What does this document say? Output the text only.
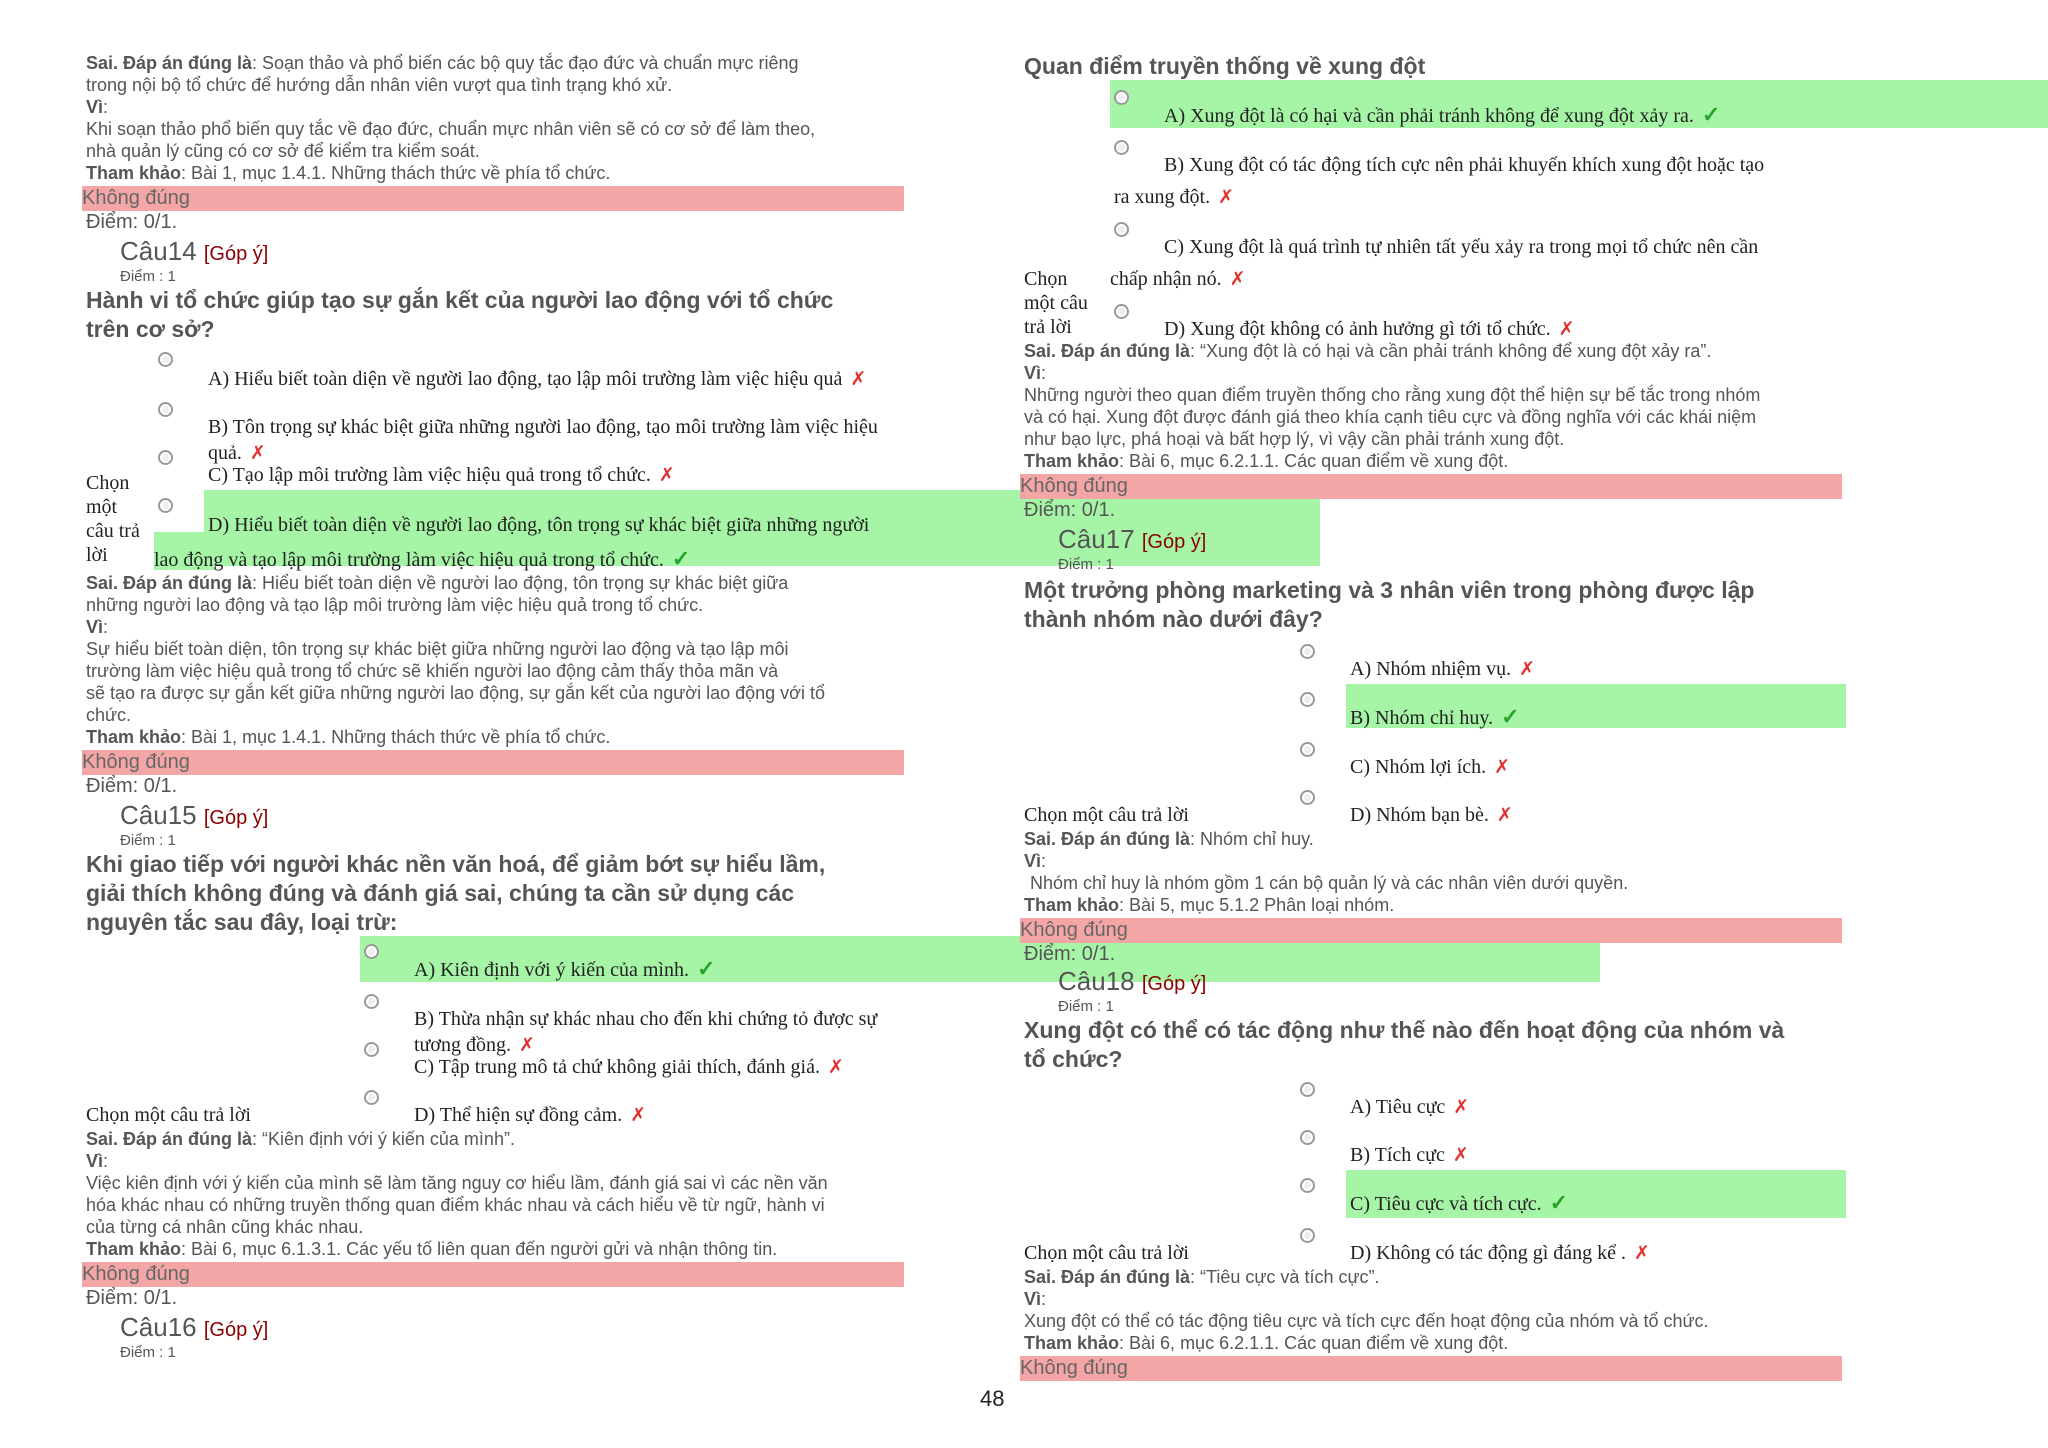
Sai. Đáp án đúng là: Soạn thảo và phổ biến các bộ quy tắc đạo đức và chuẩn mực riêng
trong nội bộ tổ chức để hướng dẫn nhân viên vượt qua tình trạng khó xử.
Vì:
Khi soạn thảo phổ biến quy tắc về đạo đức, chuẩn mực nhân viên sẽ có cơ sở để làm theo,
nhà quản lý cũng có cơ sở để kiểm tra kiểm soát.
Tham khảo: Bài 1, mục 1.4.1. Những thách thức về phía tổ chức.
Không đúng
Điểm: 0/1.
Câu14 [Góp ý]
Điểm : 1
Hành vi tổ chức giúp tạo sự gắn kết của người lao động với tổ chức
trên cơ sở?
Chọn
một
câu trả
lời
A) Hiểu biết toàn diện về người lao động, tạo lập môi trường làm việc hiệu quả ✗
B) Tôn trọng sự khác biệt giữa những người lao động, tạo môi trường làm việc hiệu quả. ✗
C) Tạo lập môi trường làm việc hiệu quả trong tổ chức. ✗
D) Hiểu biết toàn diện về người lao động, tôn trọng sự khác biệt giữa những người
lao động và tạo lập môi trường làm việc hiệu quả trong tổ chức. ✓
Sai. Đáp án đúng là: Hiểu biết toàn diện về người lao động, tôn trọng sự khác biệt giữa
những người lao động và tạo lập môi trường làm việc hiệu quả trong tổ chức.
Vì:
Sự hiểu biết toàn diện, tôn trọng sự khác biệt giữa những người lao động và tạo lập môi
trường làm việc hiệu quả trong tổ chức sẽ khiến người lao động cảm thấy thỏa mãn và
sẽ tạo ra được sự gắn kết giữa những người lao động, sự gắn kết của người lao động với tổ
chức.
Tham khảo: Bài 1, mục 1.4.1. Những thách thức về phía tổ chức.
Không đúng
Điểm: 0/1.
Câu15 [Góp ý]
Điểm : 1
Khi giao tiếp với người khác nền văn hoá, để giảm bớt sự hiểu lầm,
giải thích không đúng và đánh giá sai, chúng ta cần sử dụng các
nguyên tắc sau đây, loại trừ:
A) Kiên định với ý kiến của mình. ✓
B) Thừa nhận sự khác nhau cho đến khi chứng tỏ được sự tương đồng. ✗
C) Tập trung mô tả chứ không giải thích, đánh giá. ✗
Chọn một câu trả lời	D) Thể hiện sự đồng cảm. ✗
Sai. Đáp án đúng là: “Kiên định với ý kiến của mình”.
Vì:
Việc kiên định với ý kiến của mình sẽ làm tăng nguy cơ hiểu lầm, đánh giá sai vì các nền văn
hóa khác nhau có những truyền thống quan điểm khác nhau và cách hiểu về từ ngữ, hành vi
của từng cá nhân cũng khác nhau.
Tham khảo: Bài 6, mục 6.1.3.1. Các yếu tố liên quan đến người gửi và nhận thông tin.
Không đúng
Điểm: 0/1.
Câu16 [Góp ý]
Điểm : 1
Quan điểm truyền thống về xung đột
A) Xung đột là có hại và cần phải tránh không để xung đột xảy ra. ✓
B) Xung đột có tác động tích cực nên phải khuyến khích xung đột hoặc tạo
ra xung đột. ✗
C) Xung đột là quá trình tự nhiên tất yếu xảy ra trong mọi tổ chức nên cần
chấp nhận nó. ✗
Chọn
một câu
trả lời	D) Xung đột không có ảnh hưởng gì tới tổ chức. ✗
Sai. Đáp án đúng là: “Xung đột là có hại và cần phải tránh không để xung đột xảy ra”.
Vì:
Những người theo quan điểm truyền thống cho rằng xung đột thể hiện sự bế tắc trong nhóm
và có hại. Xung đột được đánh giá theo khía cạnh tiêu cực và đồng nghĩa với các khái niệm
như bạo lực, phá hoại và bất hợp lý, vì vậy cần phải tránh xung đột.
Tham khảo: Bài 6, mục 6.2.1.1. Các quan điểm về xung đột.
Không đúng
Điểm: 0/1.
Câu17 [Góp ý]
Điểm : 1
Một trưởng phòng marketing và 3 nhân viên trong phòng được lập
thành nhóm nào dưới đây?
A) Nhóm nhiệm vụ. ✗
B) Nhóm chỉ huy. ✓
C) Nhóm lợi ích. ✗
Chọn một câu trả lời	D) Nhóm bạn bè. ✗
Sai. Đáp án đúng là: Nhóm chỉ huy.
Vì:
Nhóm chỉ huy là nhóm gồm 1 cán bộ quản lý và các nhân viên dưới quyền.
Tham khảo: Bài 5, mục 5.1.2 Phân loại nhóm.
Không đúng
Điểm: 0/1.
Câu18 [Góp ý]
Điểm : 1
Xung đột có thể có tác động như thế nào đến hoạt động của nhóm và
tổ chức?
A) Tiêu cực ✗
B) Tích cực ✗
C) Tiêu cực và tích cực. ✓
Chọn một câu trả lời	D) Không có tác động gì đáng kể . ✗
Sai. Đáp án đúng là: “Tiêu cực và tích cực”.
Vì:
Xung đột có thể có tác động tiêu cực và tích cực đến hoạt động của nhóm và tổ chức.
Tham khảo: Bài 6, mục 6.2.1.1. Các quan điểm về xung đột.
Không đúng
48
